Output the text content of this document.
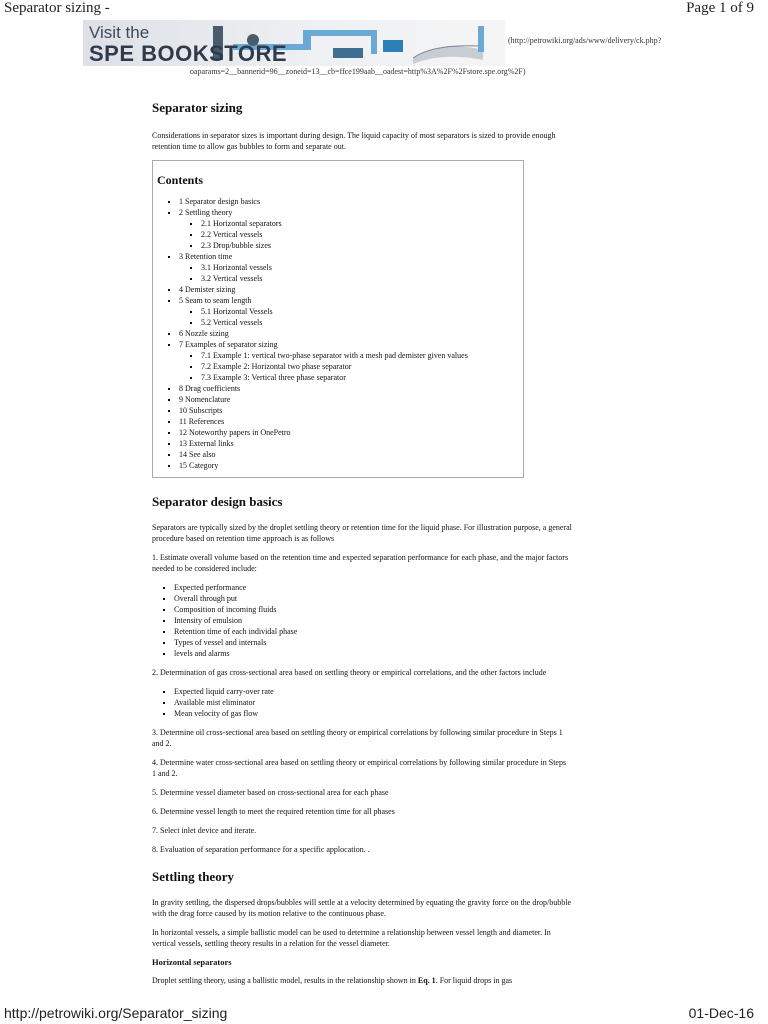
Separator sizing -	Page 1 of 9
Visit the
SPE BOOKSTORE
(http://petrowiki.org/ads/www/delivery/ck.php?
oaparams=2__bannerid=96__zoneid=13__cb=ffce199aab__oadest=http%3A%2F%2Fstore.spe.org%2F)
Separator sizing

Considerations in separator sizes is important during design. The liquid capacity of most separators is sized to provide enough retention time to allow gas bubbles to form and separate out.

Contents
▪ 1 Separator design basics
▪ 2 Settling theory
▪ 2.1 Horizontal separators
▪ 2.2 Vertical vessels
▪ 2.3 Drop/bubble sizes
▪ 3 Retention time
▪ 3.1 Horizontal vessels
▪ 3.2 Vertical vessels
▪ 4 Demister sizing
▪ 5 Seam to seam length
▪ 5.1 Horizontal Vessels
▪ 5.2 Vertical vessels
▪ 6 Nozzle sizing
▪ 7 Examples of separator sizing
▪ 7.1 Example 1: vertical two-phase separator with a mesh pad demister given values
▪ 7.2 Example 2: Horizontal two phase separator
▪ 7.3 Example 3: Vertical three phase separator
▪ 8 Drag coefficients
▪ 9 Nomenclature
▪ 10 Subscripts
▪ 11 References
▪ 12 Noteworthy papers in OnePetro
▪ 13 External links
▪ 14 See also
▪ 15 Category
Separator design basics

Separators are typically sized by the droplet settling theory or retention time for the liquid phase. For illustration purpose, a general procedure based on retention time approach is as follows

1. Estimate overall volume based on the retention time and expected separation performance for each phase, and the major factors needed to be considered include:

▪ Expected performance
▪ Overall through put
▪ Composition of incoming fluids
▪ Intensity of emulsion
▪ Retention time of each individal phase
▪ Types of vessel and internals
▪ levels and alarms

2. Determination of gas cross-sectional area based on settling theory or empirical correlations, and the other factors include

▪ Expected liquid carry-over rate
▪ Available mist eliminator
▪ Mean velocity of gas flow

3. Determine oil cross-sectional area based on settling theory or empirical correlations by following similar procedure in Steps 1 and 2.

4. Determine water cross-sectional area based on settling theory or empirical correlations by following similar procedure in Steps 1 and 2.

5. Determine vessel diameter based on cross-sectional area for each phase

6. Determine vessel length to meet the required retention time for all phases

7. Select inlet device and iterate.

8. Evaluation of separation performance for a specific applocation. .

Settling theory

In gravity settling, the dispersed drops/bubbles will settle at a velocity determined by equating the gravity force on the drop/bubble with the drag force caused by its motion relative to the continuous phase.

In horizontal vessels, a simple ballistic model can be used to determine a relationship between vessel length and diameter. In vertical vessels, settling theory results in a relation for the vessel diameter.

Horizontal separators

Droplet settling theory, using a ballistic model, results in the relationship shown in Eq. 1. For liquid drops in gas

http://petrowiki.org/Separator_sizing	01-Dec-16
